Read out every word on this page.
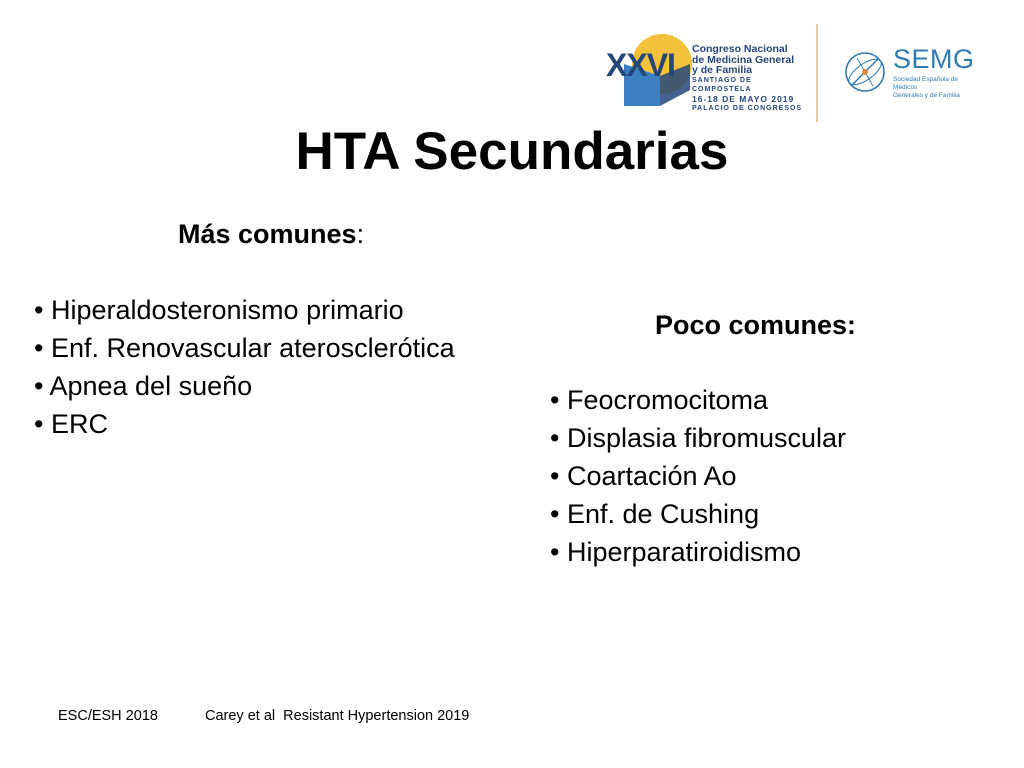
XXVI Congreso Nacional
de Medicina General
y de Familia
SANTIAGO DE COMPOSTELA
16-18 DE MAYO 2019
PALACIO DE CONGRESOS
SEMG
Sociedad Española de Médicos
Generales y de Familia
HTA Secundarias
Más comunes:
• Hiperaldosteronismo primario
• Enf. Renovascular aterosclerótica
• Apnea del sueño
• ERC
Poco comunes:
• Feocromocitoma
• Displasia fibromuscular
• Coartación Ao
• Enf. de Cushing
• Hiperparatiroidismo
ESC/ESH 2018	Carey et al  Resistant Hypertension 2019
